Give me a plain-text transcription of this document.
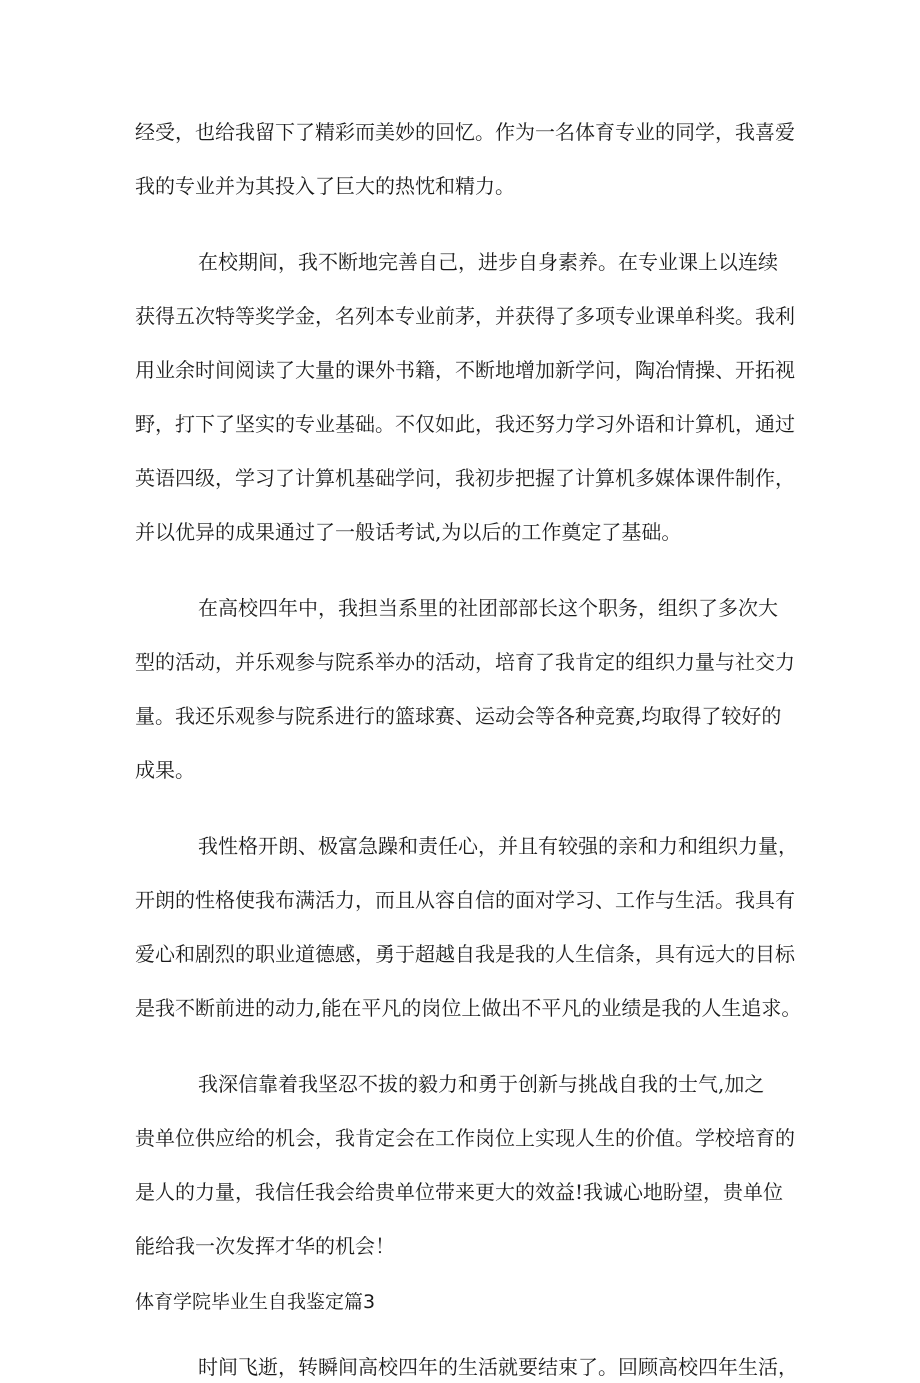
经受，也给我留下了精彩而美妙的回忆。作为一名体育专业的同学，我喜爱
我的专业并为其投入了巨大的热忱和精力。
在校期间，我不断地完善自己，进步自身素养。在专业课上以连续
获得五次特等奖学金，名列本专业前茅，并获得了多项专业课单科奖。我利
用业余时间阅读了大量的课外书籍，不断地增加新学问，陶冶情操、开拓视
野，打下了坚实的专业基础。不仅如此，我还努力学习外语和计算机，通过
英语四级，学习了计算机基础学问，我初步把握了计算机多媒体课件制作，
并以优异的成果通过了一般话考试,为以后的工作奠定了基础。
在高校四年中，我担当系里的社团部部长这个职务，组织了多次大
型的活动，并乐观参与院系举办的活动，培育了我肯定的组织力量与社交力
量。我还乐观参与院系进行的篮球赛、运动会等各种竞赛,均取得了较好的
成果。
我性格开朗、极富急躁和责任心，并且有较强的亲和力和组织力量，
开朗的性格使我布满活力，而且从容自信的面对学习、工作与生活。我具有
爱心和剧烈的职业道德感，勇于超越自我是我的人生信条，具有远大的目标
是我不断前进的动力,能在平凡的岗位上做出不平凡的业绩是我的人生追求。
我深信靠着我坚忍不拔的毅力和勇于创新与挑战自我的士气,加之
贵单位供应给的机会，我肯定会在工作岗位上实现人生的价值。学校培育的
是人的力量，我信任我会给贵单位带来更大的效益!我诚心地盼望，贵单位
能给我一次发挥才华的机会！
体育学院毕业生自我鉴定篇3
时间飞逝，转瞬间高校四年的生活就要结束了。回顾高校四年生活，
